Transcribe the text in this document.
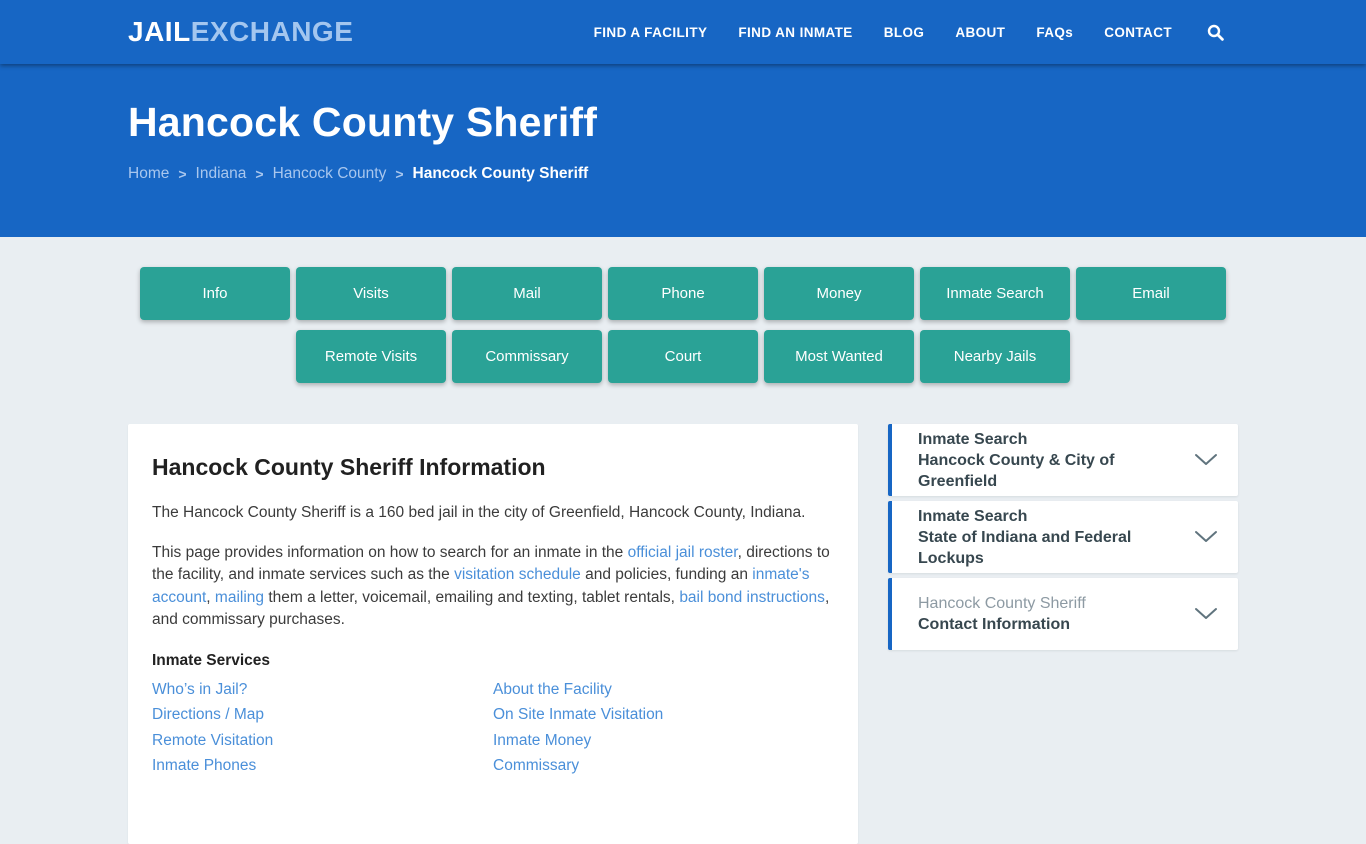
JAIL EXCHANGE	FIND A FACILITY FIND AN INMATE BLOG ABOUT FAQs CONTACT
Hancock County Sheriff
Home > Indiana > Hancock County > Hancock County Sheriff
Info	Visits	Mail	Phone	Money	Inmate Search	Email
Remote Visits	Commissary	Court	Most Wanted	Nearby Jails
Hancock County Sheriff Information

The Hancock County Sheriff is a 160 bed jail in the city of Greenfield, Hancock County, Indiana.

This page provides information on how to search for an inmate in the official jail roster, directions to the facility, and inmate services such as the visitation schedule and policies, funding an inmate's account, mailing them a letter, voicemail, emailing and texting, tablet rentals, bail bond instructions, and commissary purchases.

Inmate Services
Who’s in Jail?
Directions / Map
Remote Visitation
Inmate Phones
About the Facility
On Site Inmate Visitation
Inmate Money
Commissary
Inmate Search
Hancock County & City of Greenfield
Inmate Search
State of Indiana and Federal Lockups
Hancock County Sheriff
Contact Information
